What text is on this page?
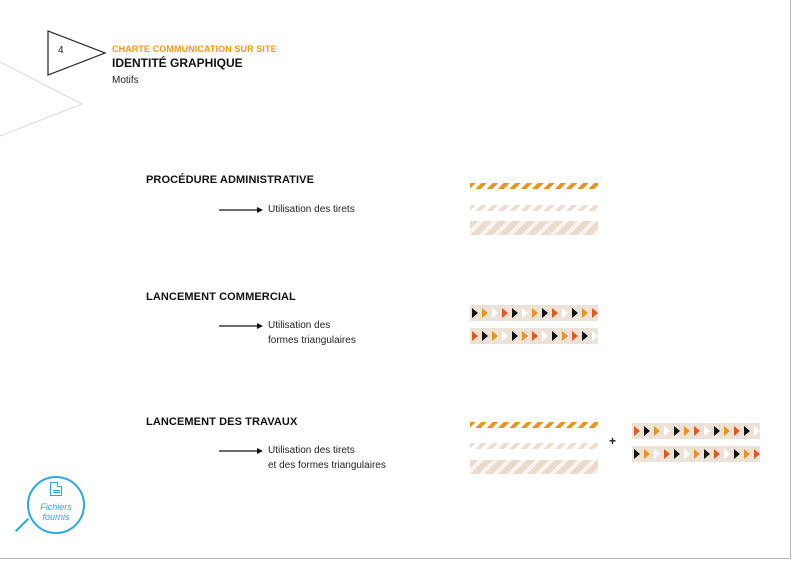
4	CHARTE COMMUNICATION SUR SITE
IDENTITÉ GRAPHIQUE
Motifs
PROCÉDURE ADMINISTRATIVE
Utilisation des tirets
LANCEMENT COMMERCIAL
Utilisation des
formes triangulaires
LANCEMENT DES TRAVAUX
Utilisation des tirets
et des formes triangulaires
+
Fichiers
fournis
